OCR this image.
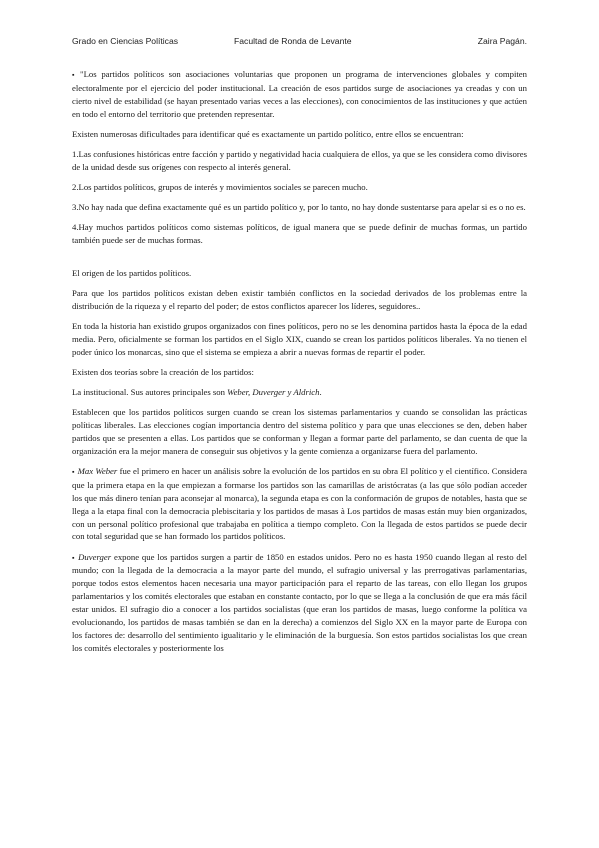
Grado en Ciencias Políticas	Facultad de Ronda de Levante	Zaira Pagán.

▪ "Los partidos políticos son asociaciones voluntarias que proponen un programa de intervenciones globales y compiten electoralmente por el ejercicio del poder institucional. La creación de esos partidos surge de asociaciones ya creadas y con un cierto nivel de estabilidad (se hayan presentado varias veces a las elecciones), con conocimientos de las instituciones y que actúen en todo el entorno del territorio que pretenden representar.

Existen numerosas dificultades para identificar qué es exactamente un partido político, entre ellos se encuentran:

1.Las confusiones históricas entre facción y partido y negatividad hacia cualquiera de ellos, ya que se les considera como divisores de la unidad desde sus orígenes con respecto al interés general.

2.Los partidos políticos, grupos de interés y movimientos sociales se parecen mucho.

3.No hay nada que defina exactamente qué es un partido político y, por lo tanto, no hay donde sustentarse para apelar si es o no es.

4.Hay muchos partidos políticos como sistemas políticos, de igual manera que se puede definir de muchas formas, un partido también puede ser de muchas formas.

El origen de los partidos políticos.

Para que los partidos políticos existan deben existir también conflictos en la sociedad derivados de los problemas entre la distribución de la riqueza y el reparto del poder; de estos conflictos aparecer los líderes, seguidores..

En toda la historia han existido grupos organizados con fines políticos, pero no se les denomina partidos hasta la época de la edad media. Pero, oficialmente se forman los partidos en el Siglo XIX, cuando se crean los partidos políticos liberales. Ya no tienen el poder único los monarcas, sino que el sistema se empieza a abrir a nuevas formas de repartir el poder.

Existen dos teorías sobre la creación de los partidos:

La institucional. Sus autores principales son Weber, Duverger y Aldrich.

Establecen que los partidos políticos surgen cuando se crean los sistemas parlamentarios y cuando se consolidan las prácticas políticas liberales. Las elecciones cogían importancia dentro del sistema político y para que unas elecciones se den, deben haber partidos que se presenten a ellas. Los partidos que se conforman y llegan a formar parte del parlamento, se dan cuenta de que la organización era la mejor manera de conseguir sus objetivos y la gente comienza a organizarse fuera del parlamento.

▪ Max Weber fue el primero en hacer un análisis sobre la evolución de los partidos en su obra El político y el científico. Considera que la primera etapa en la que empiezan a formarse los partidos son las camarillas de aristócratas (a las que sólo podían acceder los que más dinero tenían para aconsejar al monarca), la segunda etapa es con la conformación de grupos de notables, hasta que se llega a la etapa final con la democracia plebiscitaria y los partidos de masas à Los partidos de masas están muy bien organizados, con un personal político profesional que trabajaba en política a tiempo completo. Con la llegada de estos partidos se puede decir con total seguridad que se han formado los partidos políticos.

▪ Duverger expone que los partidos surgen a partir de 1850 en estados unidos. Pero no es hasta 1950 cuando llegan al resto del mundo; con la llegada de la democracia a la mayor parte del mundo, el sufragio universal y las prerrogativas parlamentarias, porque todos estos elementos hacen necesaria una mayor participación para el reparto de las tareas, con ello llegan los grupos parlamentarios y los comités electorales que estaban en constante contacto, por lo que se llega a la conclusión de que era más fácil estar unidos. El sufragio dio a conocer a los partidos socialistas (que eran los partidos de masas, luego conforme la política va evolucionando, los partidos de masas también se dan en la derecha) a comienzos del Siglo XX en la mayor parte de Europa con los factores de: desarrollo del sentimiento igualitario y le eliminación de la burguesía. Son estos partidos socialistas los que crean los comités electorales y posteriormente los
